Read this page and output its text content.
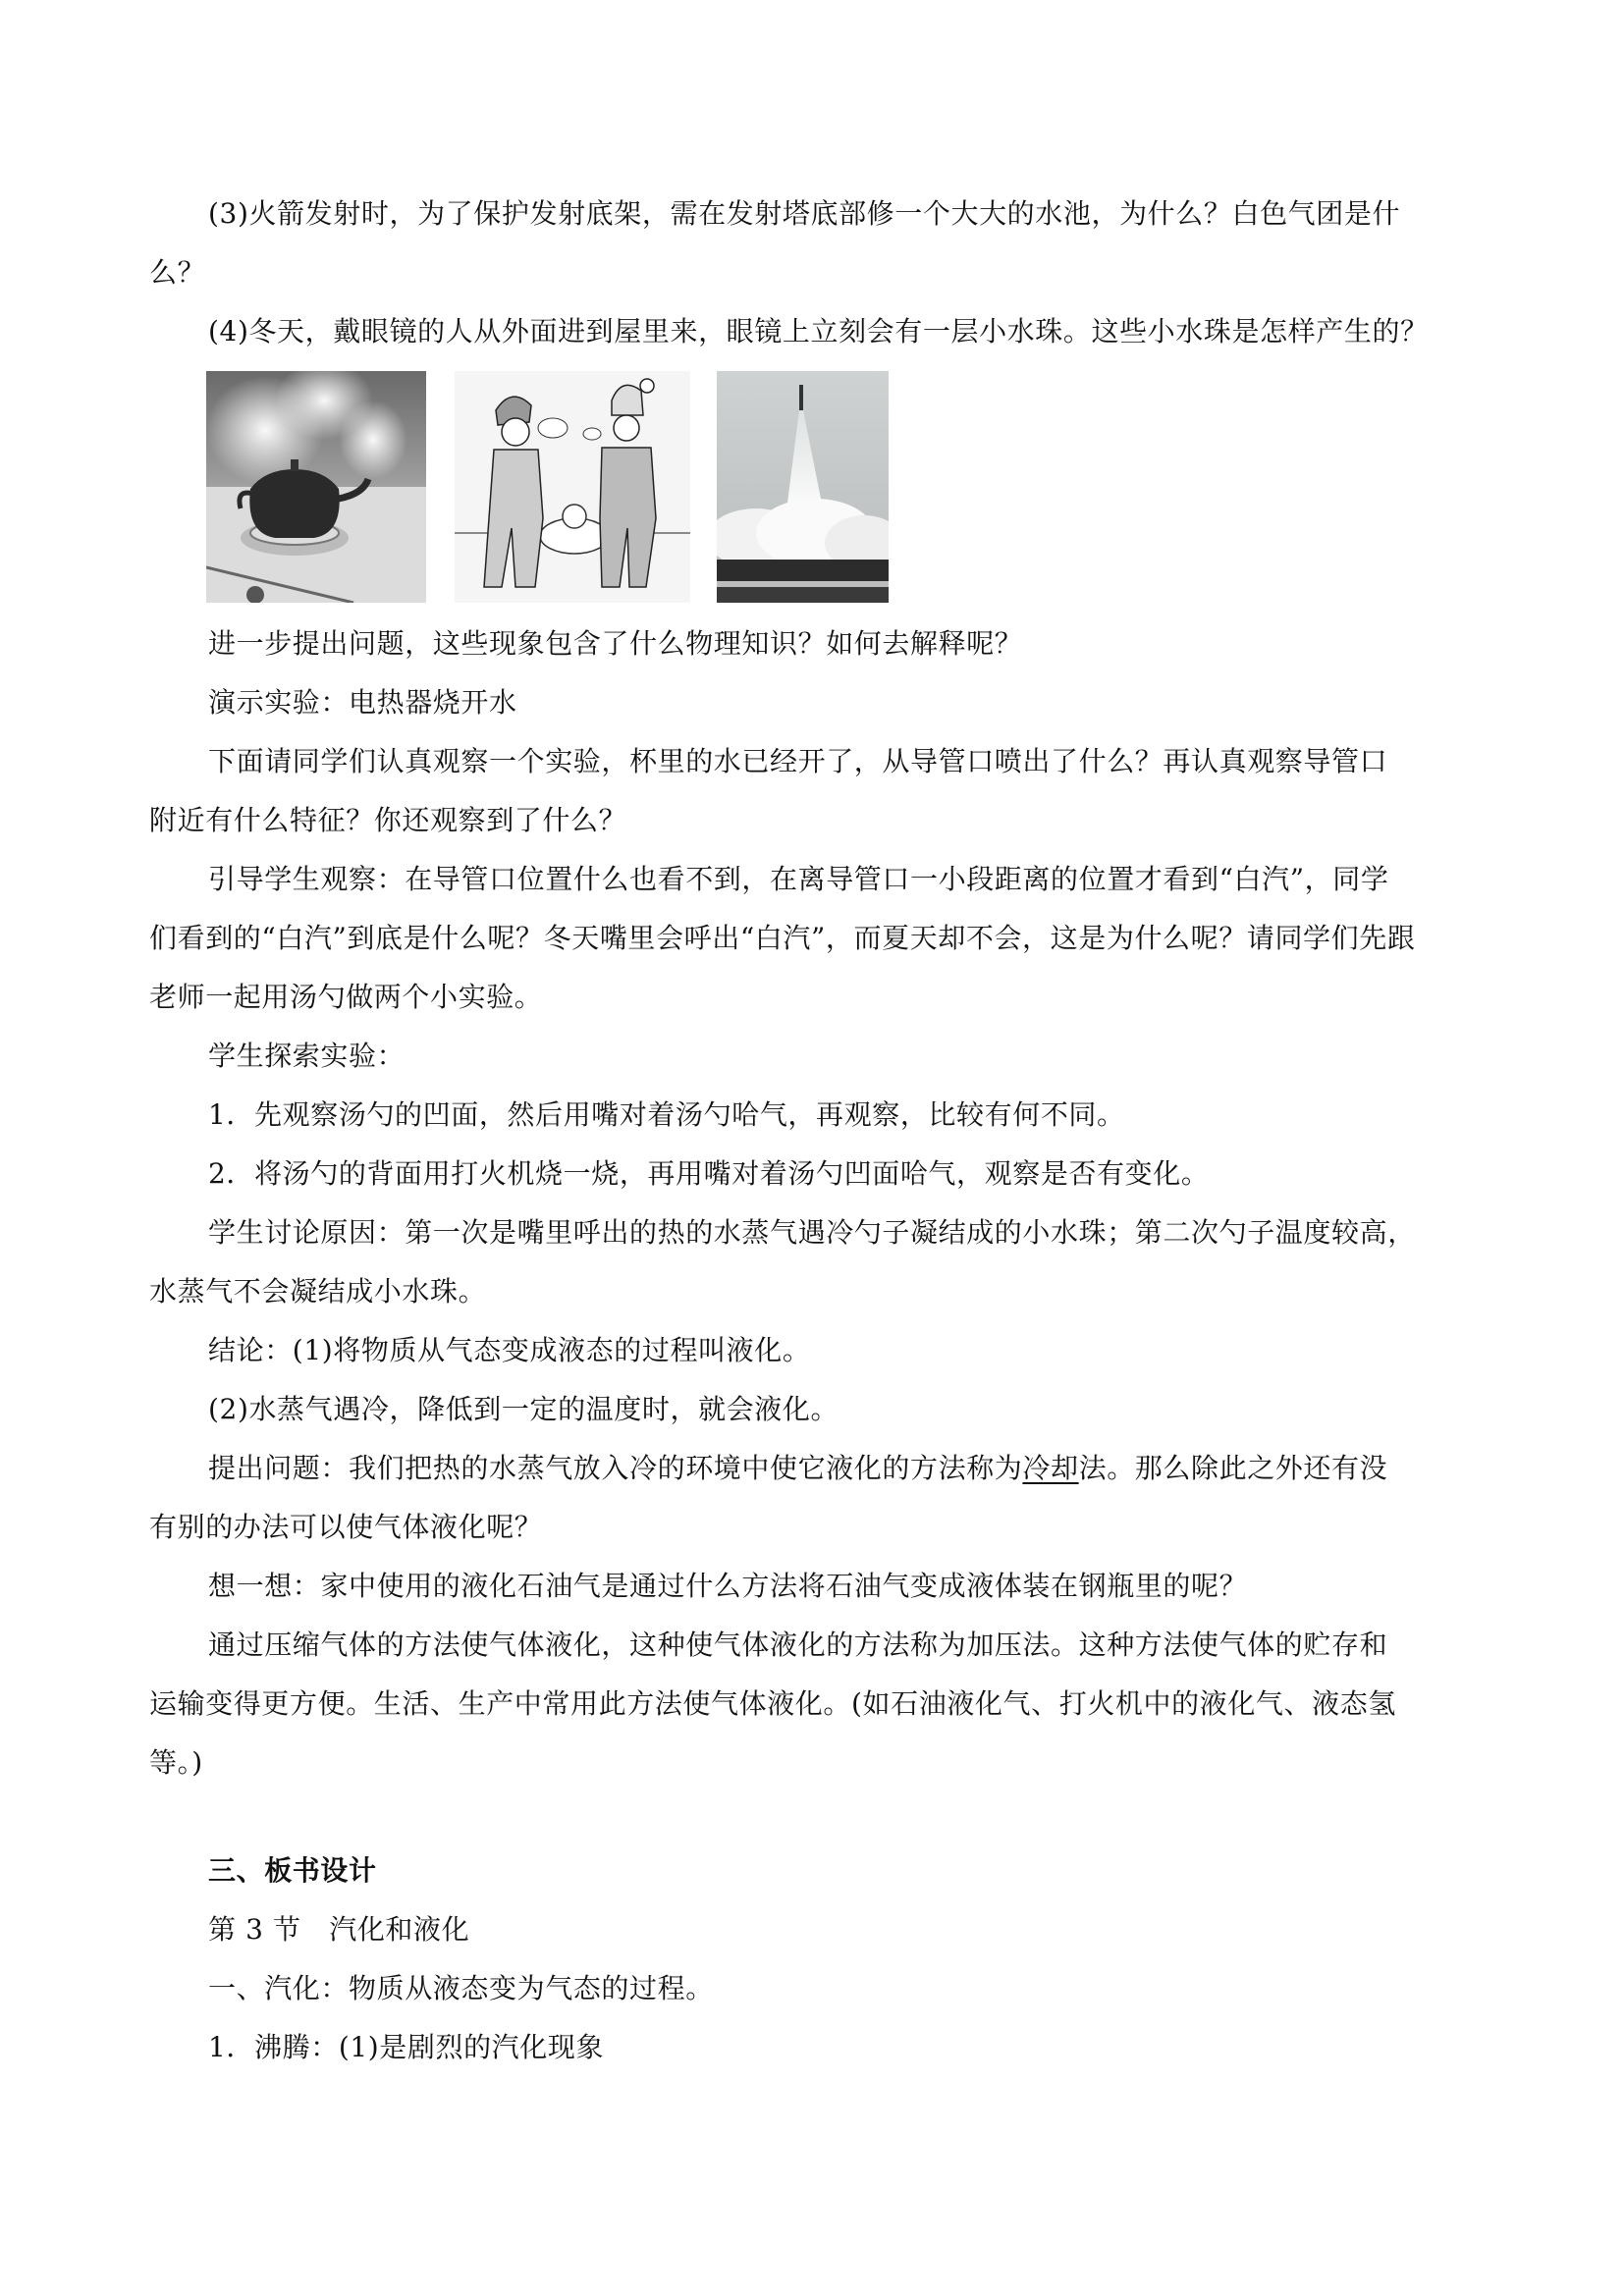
(3)火箭发射时，为了保护发射底架，需在发射塔底部修一个大大的水池，为什么？白色气团是什
么？
(4)冬天，戴眼镜的人从外面进到屋里来，眼镜上立刻会有一层小水珠。这些小水珠是怎样产生的？
进一步提出问题，这些现象包含了什么物理知识？如何去解释呢？
演示实验：电热器烧开水
下面请同学们认真观察一个实验，杯里的水已经开了，从导管口喷出了什么？再认真观察导管口
附近有什么特征？你还观察到了什么？
引导学生观察：在导管口位置什么也看不到，在离导管口一小段距离的位置才看到“白汽”，同学
们看到的“白汽”到底是什么呢？冬天嘴里会呼出“白汽”，而夏天却不会，这是为什么呢？请同学们先跟
老师一起用汤勺做两个小实验。
学生探索实验：
1．先观察汤勺的凹面，然后用嘴对着汤勺哈气，再观察，比较有何不同。
2．将汤勺的背面用打火机烧一烧，再用嘴对着汤勺凹面哈气，观察是否有变化。
学生讨论原因：第一次是嘴里呼出的热的水蒸气遇冷勺子凝结成的小水珠；第二次勺子温度较高，
水蒸气不会凝结成小水珠。
结论：(1)将物质从气态变成液态的过程叫液化。
(2)水蒸气遇冷，降低到一定的温度时，就会液化。
提出问题：我们把热的水蒸气放入冷的环境中使它液化的方法称为冷却法。那么除此之外还有没
有别的办法可以使气体液化呢？
想一想：家中使用的液化石油气是通过什么方法将石油气变成液体装在钢瓶里的呢？
通过压缩气体的方法使气体液化，这种使气体液化的方法称为加压法。这种方法使气体的贮存和
运输变得更方便。生活、生产中常用此方法使气体液化。(如石油液化气、打火机中的液化气、液态氢
等。)
三、板书设计
第 3 节　汽化和液化
一、汽化：物质从液态变为气态的过程。
1．沸腾：(1)是剧烈的汽化现象
